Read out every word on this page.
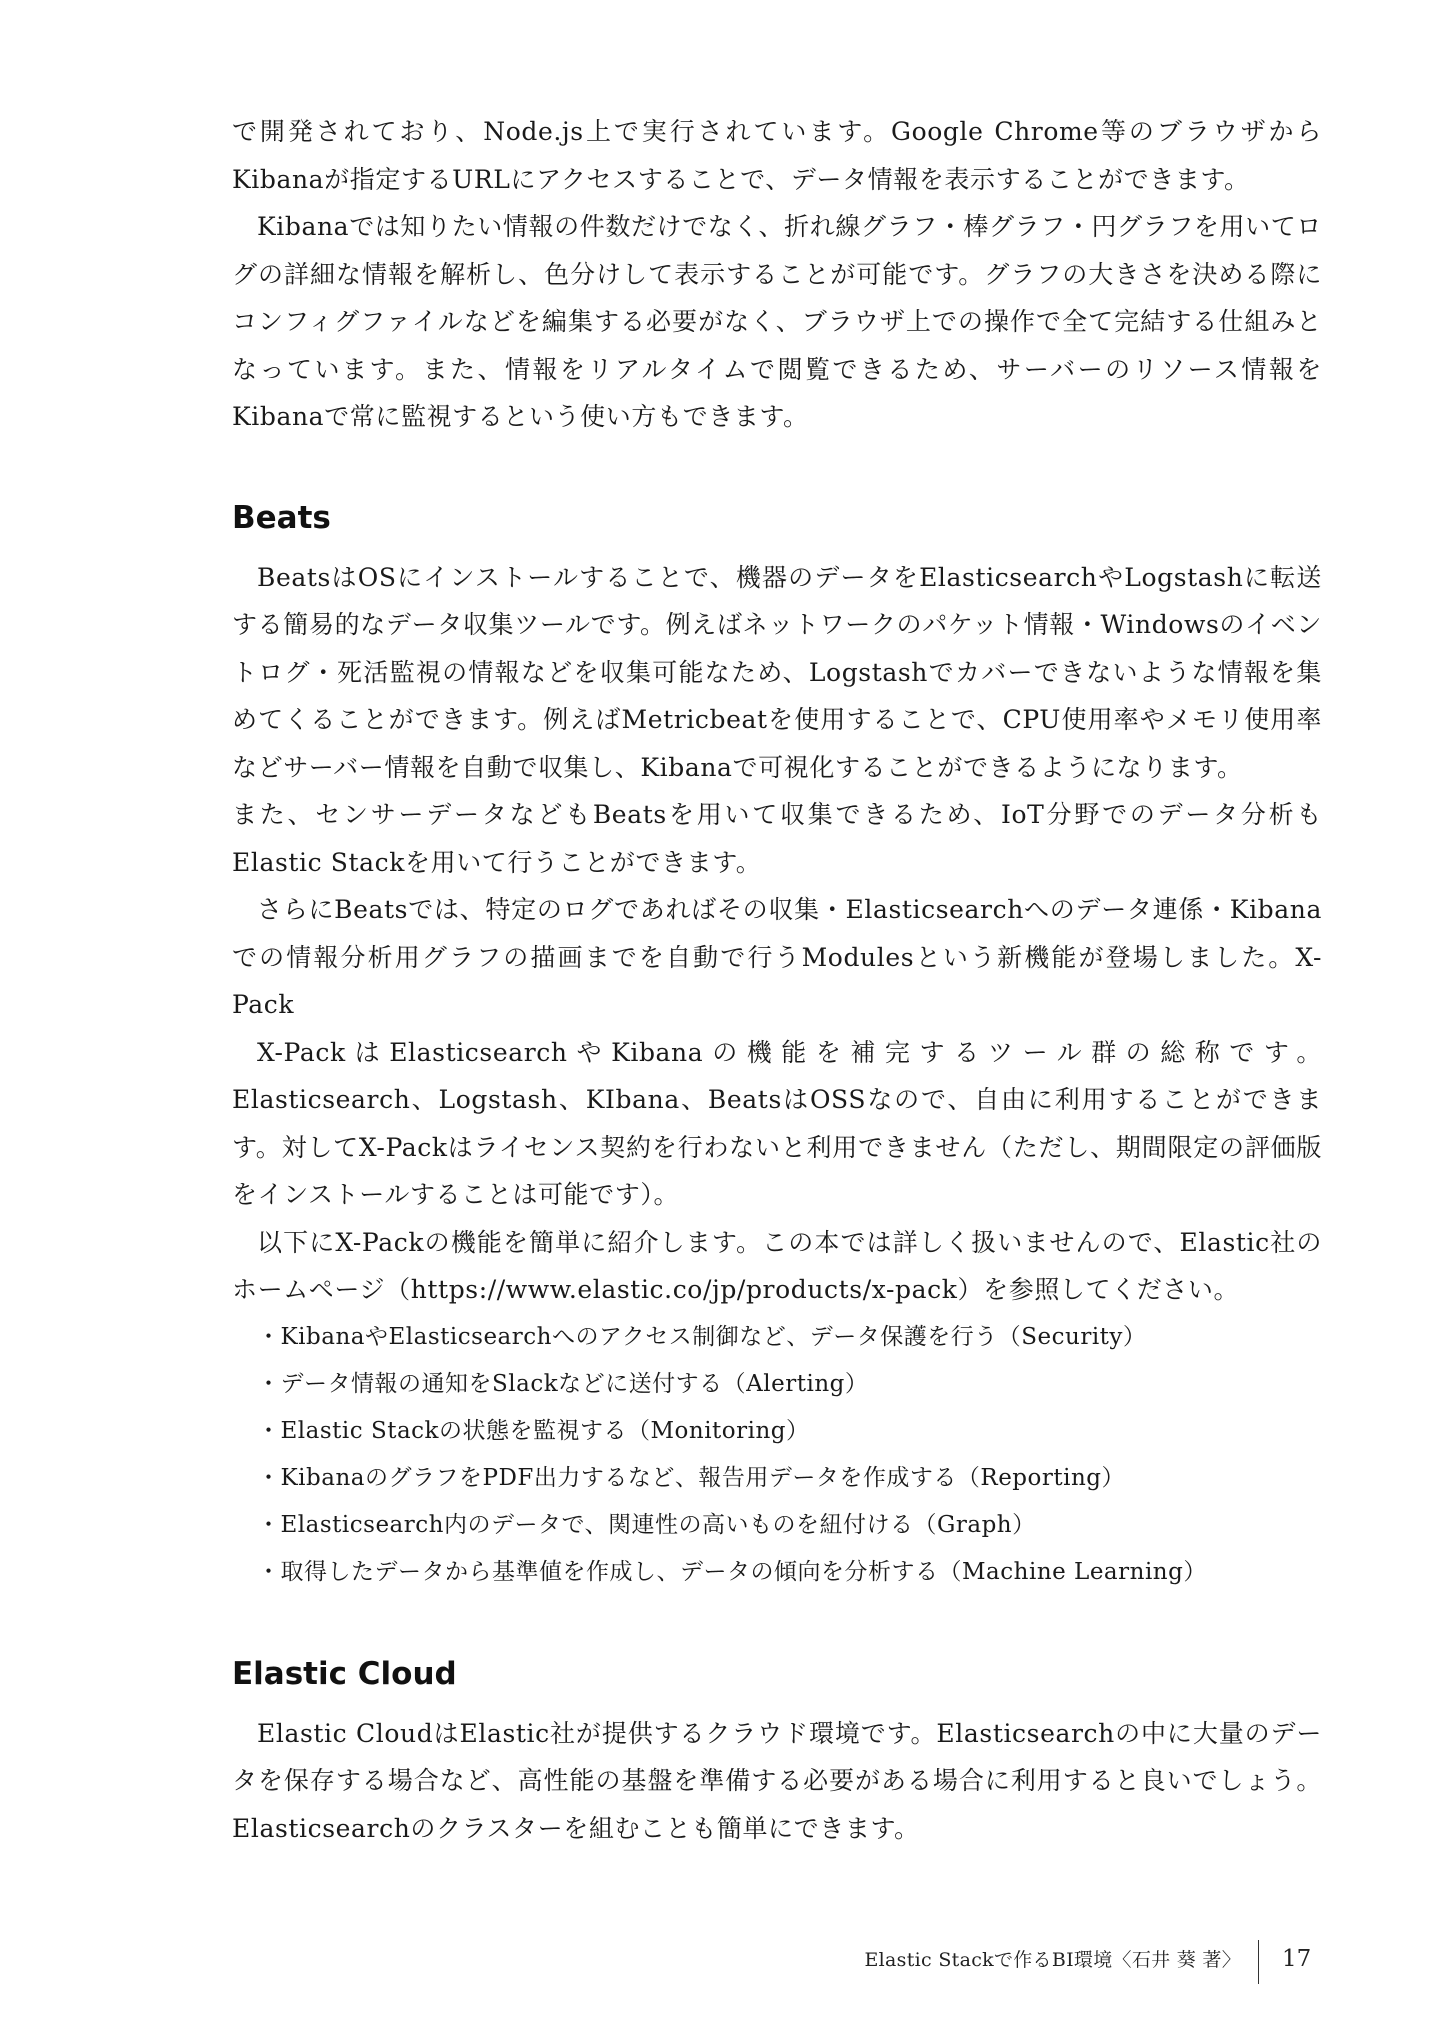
で開発されており、Node.js上で実行されています。Google Chrome等のブラウザからKibanaが指定するURLにアクセスすることで、データ情報を表示することができます。

Kibanaでは知りたい情報の件数だけでなく、折れ線グラフ・棒グラフ・円グラフを用いてログの詳細な情報を解析し、色分けして表示することが可能です。グラフの大きさを決める際にコンフィグファイルなどを編集する必要がなく、ブラウザ上での操作で全て完結する仕組みとなっています。また、情報をリアルタイムで閲覧できるため、サーバーのリソース情報をKibanaで常に監視するという使い方もできます。

Beats

BeatsはOSにインストールすることで、機器のデータをElasticsearchやLogstashに転送する簡易的なデータ収集ツールです。例えばネットワークのパケット情報・Windowsのイベントログ・死活監視の情報などを収集可能なため、Logstashでカバーできないような情報を集めてくることができます。例えばMetricbeatを使用することで、CPU使用率やメモリ使用率などサーバー情報を自動で収集し、Kibanaで可視化することができるようになります。

また、センサーデータなどもBeatsを用いて収集できるため、IoT分野でのデータ分析もElastic Stackを用いて行うことができます。

さらにBeatsでは、特定のログであればその収集・Elasticsearchへのデータ連係・Kibanaでの情報分析用グラフの描画までを自動で行うModulesという新機能が登場しました。X-Pack

X-PackはElasticsearchやKibanaの機能を補完するツール群の総称です。Elasticsearch、Logstash、KIbana、BeatsはOSSなので、自由に利用することができます。対してX-Packはライセンス契約を行わないと利用できません（ただし、期間限定の評価版をインストールすることは可能です）。

以下にX-Packの機能を簡単に紹介します。この本では詳しく扱いませんので、Elastic社のホームページ（https://www.elastic.co/jp/products/x-pack）を参照してください。

・KibanaやElasticsearchへのアクセス制御など、データ保護を行う（Security）
・データ情報の通知をSlackなどに送付する（Alerting）
・Elastic Stackの状態を監視する（Monitoring）
・KibanaのグラフをPDF出力するなど、報告用データを作成する（Reporting）
・Elasticsearch内のデータで、関連性の高いものを紐付ける（Graph）
・取得したデータから基準値を作成し、データの傾向を分析する（Machine Learning）
Elastic Cloud

Elastic CloudはElastic社が提供するクラウド環境です。Elasticsearchの中に大量のデータを保存する場合など、高性能の基盤を準備する必要がある場合に利用すると良いでしょう。Elasticsearchのクラスターを組むことも簡単にできます。

Elastic Stackで作るBI環境〈石井 葵 著〉 17
